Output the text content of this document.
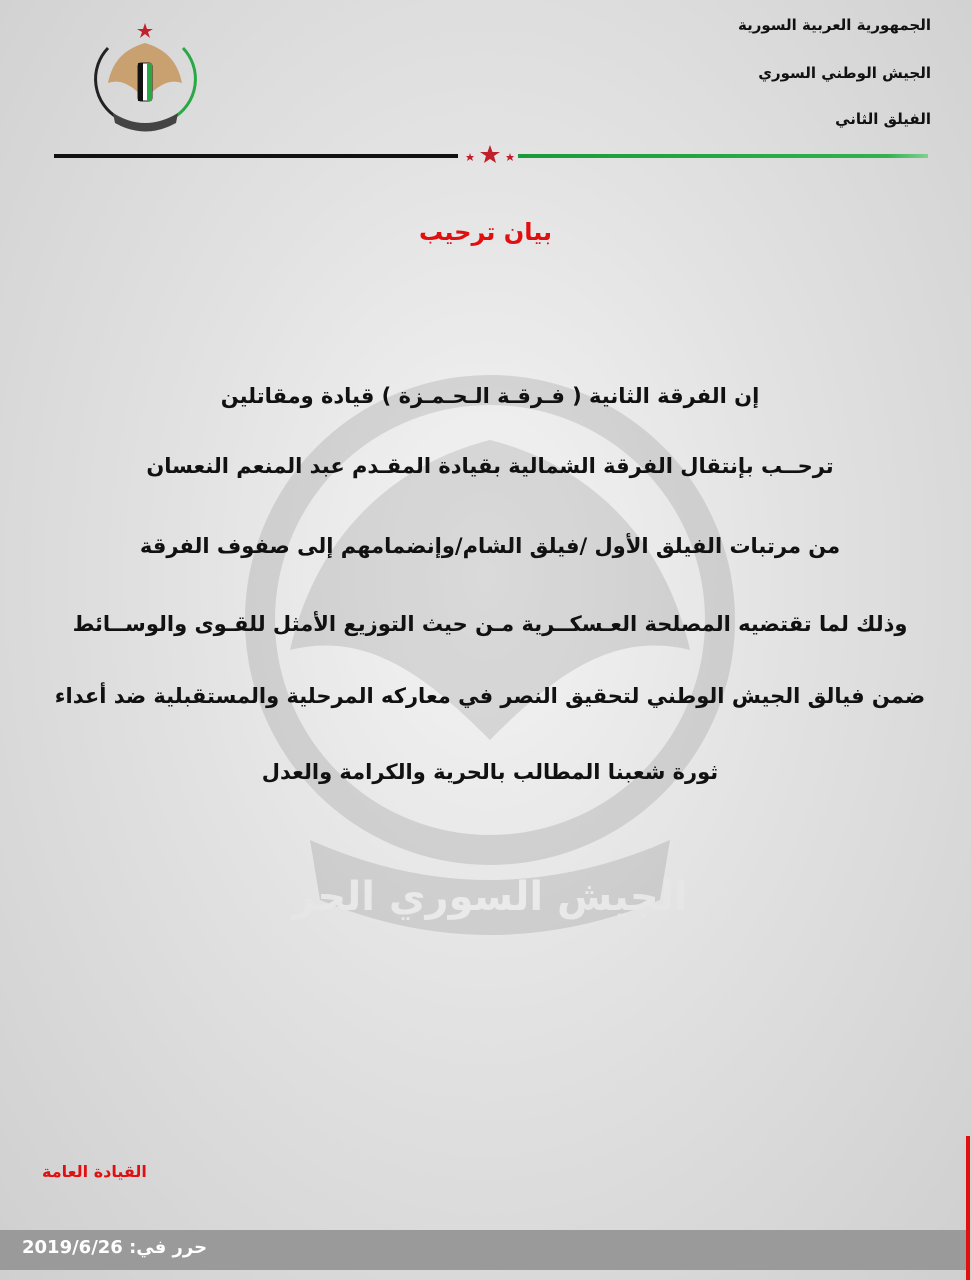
الجمهورية العربية السورية
الجيش الوطني السوري
الفيلق الثاني
بيان ترحيب
الجيش السوري الحر
إن الفرقة الثانية ( فـرقـة الـحـمـزة ) قيادة ومقاتلين
ترحــب بإنتقال الفرقة الشمالية بقيادة المقـدم عبد المنعم النعسان
من مرتبات الفيلق الأول /فيلق الشام/وإنضمامهم إلى صفوف الفرقة
وذلك لما تقتضيه المصلحة العـسكــرية مـن حيث التوزيع الأمثل للقـوى والوســائط
ضمن فيالق الجيش الوطني لتحقيق النصر في معاركه المرحلية والمستقبلية ضد أعداء
ثورة شعبنا المطالب بالحرية والكرامة والعدل
القيادة العامة
حرر في: 2019/6/26
